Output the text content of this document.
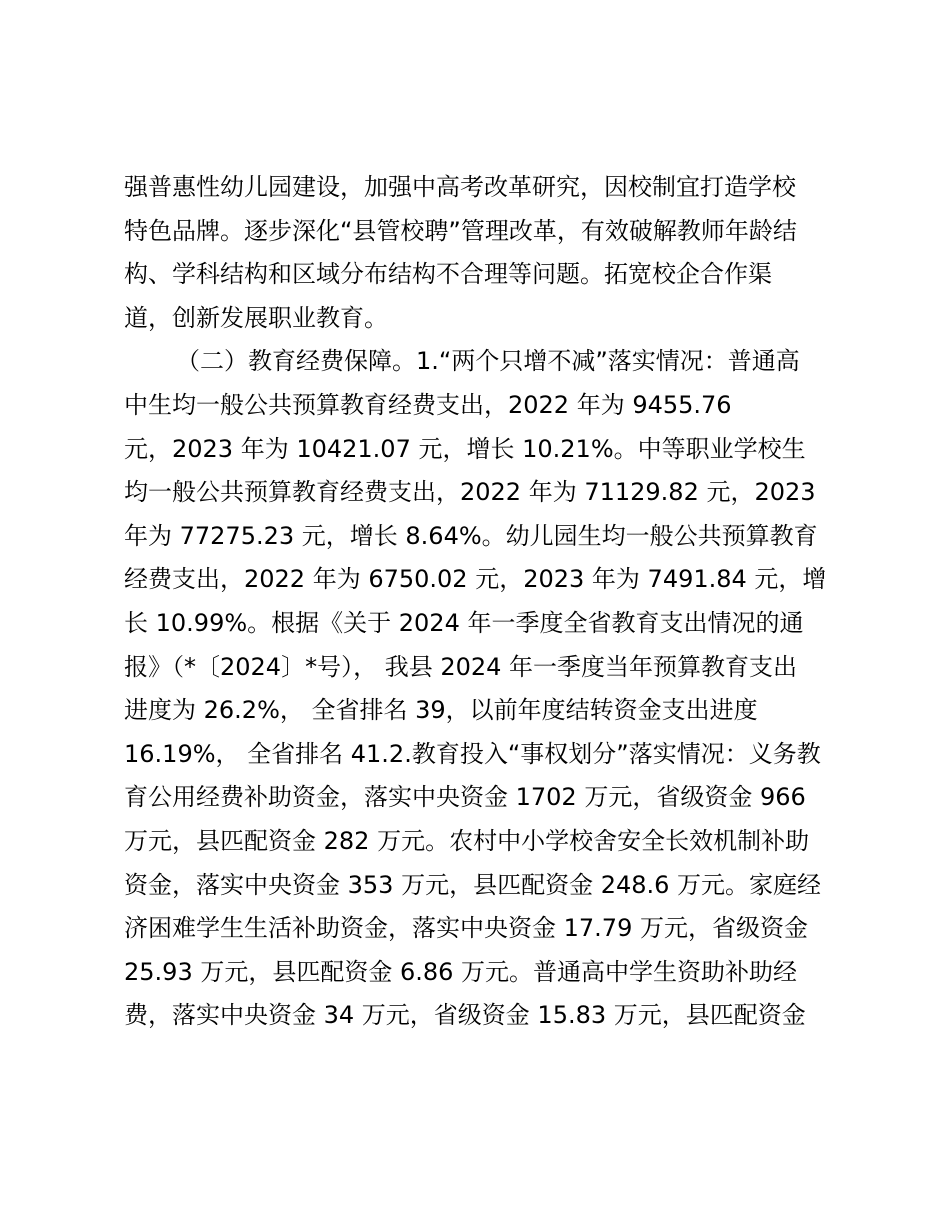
强普惠性幼儿园建设，加强中高考改革研究，因校制宜打造学校
特色品牌。逐步深化“县管校聘”管理改革，有效破解教师年龄结
构、学科结构和区域分布结构不合理等问题。拓宽校企合作渠
道，创新发展职业教育。
（二）教育经费保障。1.“两个只增不减”落实情况：普通高
中生均一般公共预算教育经费支出，2022 年为 9455.76
元，2023 年为 10421.07 元，增长 10.21%。中等职业学校生
均一般公共预算教育经费支出，2022 年为 71129.82 元，2023
年为 77275.23 元，增长 8.64%。幼儿园生均一般公共预算教育
经费支出，2022 年为 6750.02 元，2023 年为 7491.84 元，增
长 10.99%。根据《关于 2024 年一季度全省教育支出情况的通
报》（*〔2024〕*号）， 我县 2024 年一季度当年预算教育支出
进度为 26.2%， 全省排名 39，以前年度结转资金支出进度
16.19%， 全省排名 41.2.教育投入“事权划分”落实情况：义务教
育公用经费补助资金，落实中央资金 1702 万元，省级资金 966
万元，县匹配资金 282 万元。农村中小学校舍安全长效机制补助
资金，落实中央资金 353 万元，县匹配资金 248.6 万元。家庭经
济困难学生生活补助资金，落实中央资金 17.79 万元，省级资金
25.93 万元，县匹配资金 6.86 万元。普通高中学生资助补助经
费，落实中央资金 34 万元，省级资金 15.83 万元，县匹配资金
